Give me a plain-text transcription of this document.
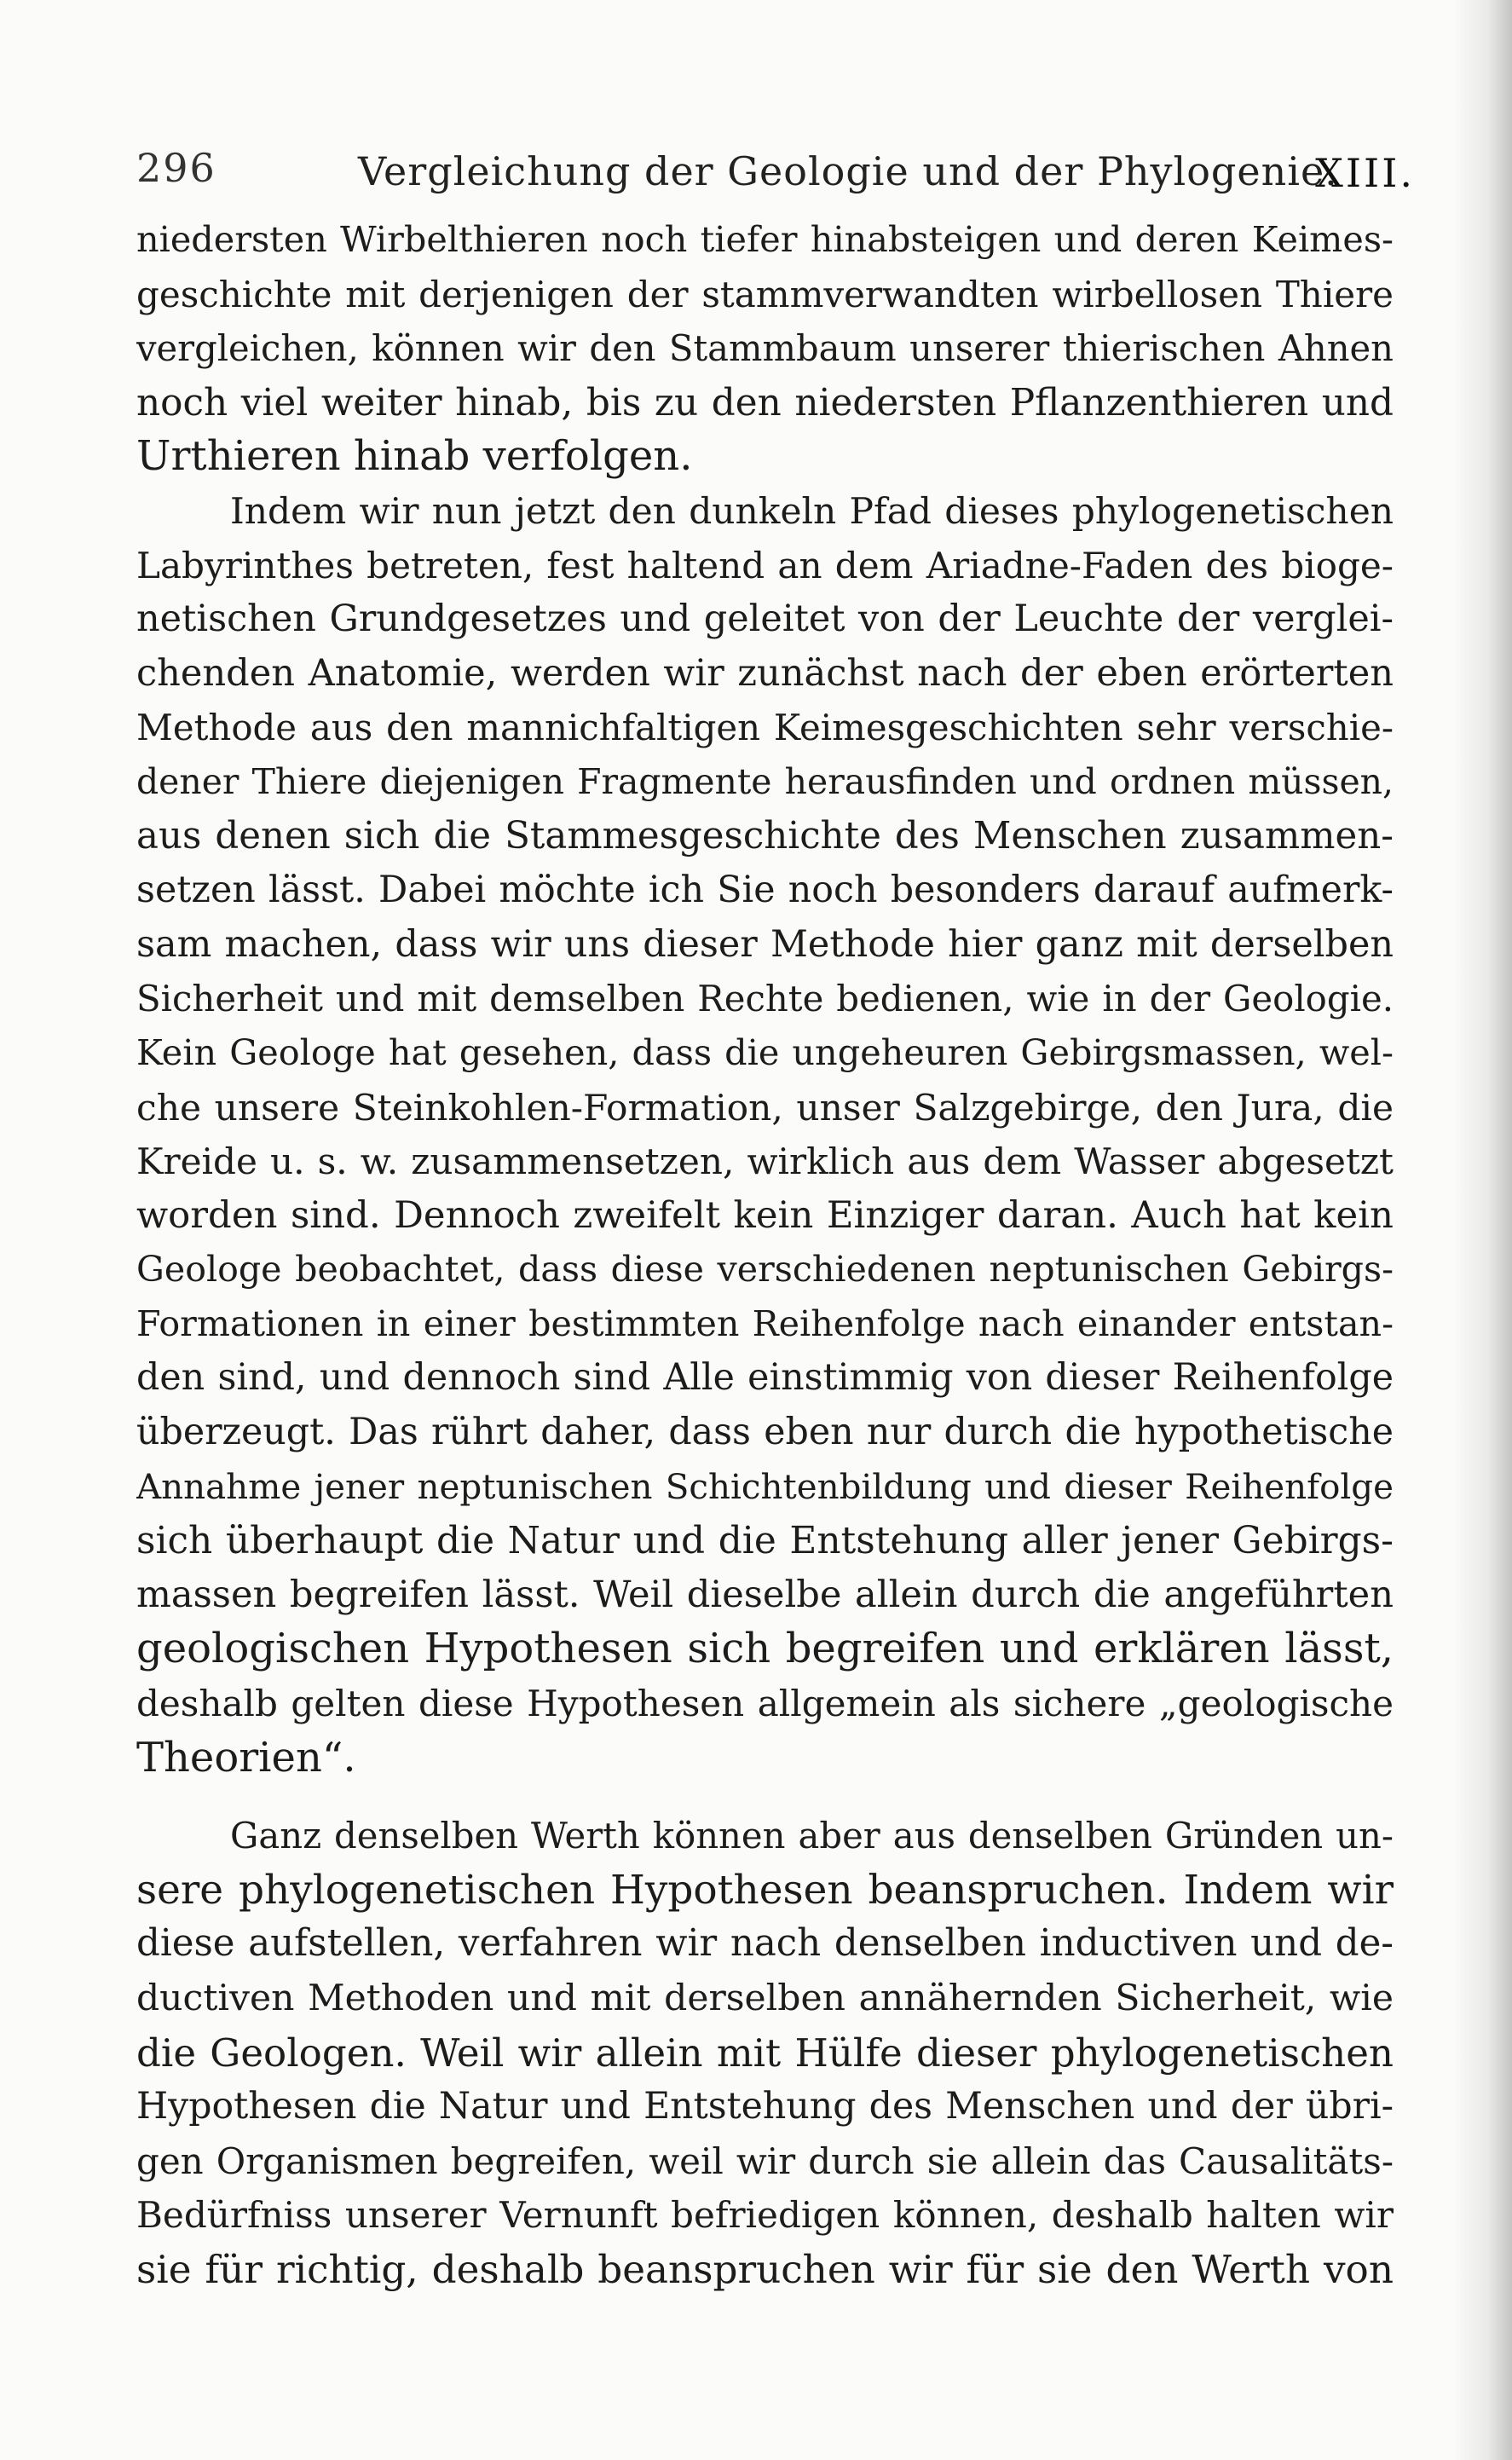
296	Vergleichung der Geologie und der Phylogenie.
XIII.
niedersten Wirbelthieren noch tiefer hinabsteigen und deren Keimes-
geschichte mit derjenigen der stammverwandten wirbellosen Thiere
vergleichen, können wir den Stammbaum unserer thierischen Ahnen
noch viel weiter hinab, bis zu den niedersten Pflanzenthieren und
Urthieren hinab verfolgen.
Indem wir nun jetzt den dunkeln Pfad dieses phylogenetischen
Labyrinthes betreten, fest haltend an dem Ariadne-Faden des bioge-
netischen Grundgesetzes und geleitet von der Leuchte der verglei-
chenden Anatomie, werden wir zunächst nach der eben erörterten
Methode aus den mannichfaltigen Keimesgeschichten sehr verschie-
dener Thiere diejenigen Fragmente herausfinden und ordnen müssen,
aus denen sich die Stammesgeschichte des Menschen zusammen-
setzen lässt. Dabei möchte ich Sie noch besonders darauf aufmerk-
sam machen, dass wir uns dieser Methode hier ganz mit derselben
Sicherheit und mit demselben Rechte bedienen, wie in der Geologie.
Kein Geologe hat gesehen, dass die ungeheuren Gebirgsmassen, wel-
che unsere Steinkohlen-Formation, unser Salzgebirge, den Jura, die
Kreide u. s. w. zusammensetzen, wirklich aus dem Wasser abgesetzt
worden sind. Dennoch zweifelt kein Einziger daran. Auch hat kein
Geologe beobachtet, dass diese verschiedenen neptunischen Gebirgs-
Formationen in einer bestimmten Reihenfolge nach einander entstan-
den sind, und dennoch sind Alle einstimmig von dieser Reihenfolge
überzeugt. Das rührt daher, dass eben nur durch die hypothetische
Annahme jener neptunischen Schichtenbildung und dieser Reihenfolge
sich überhaupt die Natur und die Entstehung aller jener Gebirgs-
massen begreifen lässt. Weil dieselbe allein durch die angeführten
geologischen Hypothesen sich begreifen und erklären lässt,
deshalb gelten diese Hypothesen allgemein als sichere „geologische
Theorien“.
Ganz denselben Werth können aber aus denselben Gründen un-
sere phylogenetischen Hypothesen beanspruchen. Indem wir
diese aufstellen, verfahren wir nach denselben inductiven und de-
ductiven Methoden und mit derselben annähernden Sicherheit, wie
die Geologen. Weil wir allein mit Hülfe dieser phylogenetischen
Hypothesen die Natur und Entstehung des Menschen und der übri-
gen Organismen begreifen, weil wir durch sie allein das Causalitäts-
Bedürfniss unserer Vernunft befriedigen können, deshalb halten wir
sie für richtig, deshalb beanspruchen wir für sie den Werth von
